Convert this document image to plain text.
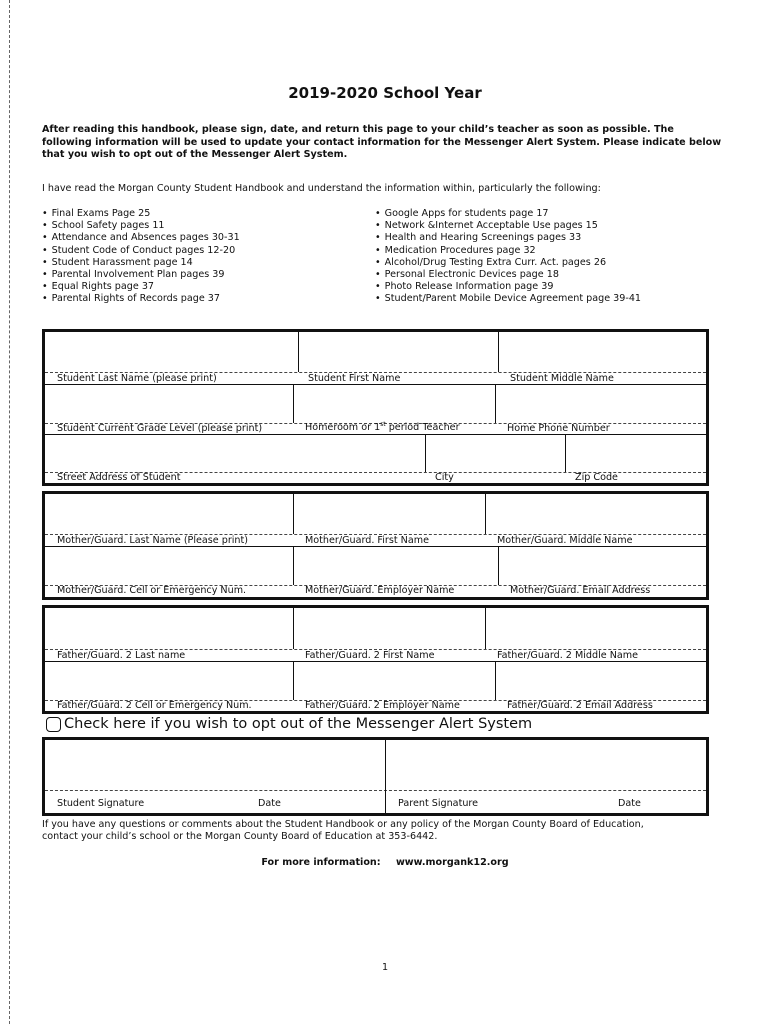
2019-2020 School Year
After reading this handbook, please sign, date, and return this page to your child’s teacher as soon as possible. The following information will be used to update your contact information for the Messenger Alert System. Please indicate below that you wish to opt out of the Messenger Alert System.
I have read the Morgan County Student Handbook and understand the information within, particularly the following:
• Final Exams Page 25
• School Safety pages 11
• Attendance and Absences pages 30-31
• Student Code of Conduct pages 12-20
• Student Harassment page 14
• Parental Involvement Plan pages 39
• Equal Rights page 37
• Parental Rights of Records page 37
• Google Apps for students page 17
• Network &Internet Acceptable Use pages 15
• Health and Hearing Screenings pages 33
• Medication Procedures page 32
• Alcohol/Drug Testing Extra Curr. Act. pages 26
• Personal Electronic Devices page 18
• Photo Release Information page 39
• Student/Parent Mobile Device Agreement page 39-41
Student Last Name (please print)	Student First Name	Student Middle Name
Student Current Grade Level (please print)	Homeroom or 1st period Teacher	Home Phone Number
Street Address of Student	City	Zip Code
Mother/Guard. Last Name (Please print)	Mother/Guard. First Name	Mother/Guard. Middle Name
Mother/Guard. Cell or Emergency Num.	Mother/Guard. Employer Name	Mother/Guard. Email Address
Father/Guard. 2 Last name	Father/Guard. 2 First Name	Father/Guard. 2 Middle Name
Father/Guard. 2 Cell or Emergency Num.	Father/Guard. 2 Employer Name	Father/Guard. 2 Email Address
Check here if you wish to opt out of the Messenger Alert System
Student Signature	Date	Parent Signature	Date
If you have any questions or comments about the Student Handbook or any policy of the Morgan County Board of Education, contact your child’s school or the Morgan County Board of Education at 353-6442.
For more information: www.morgank12.org
1
